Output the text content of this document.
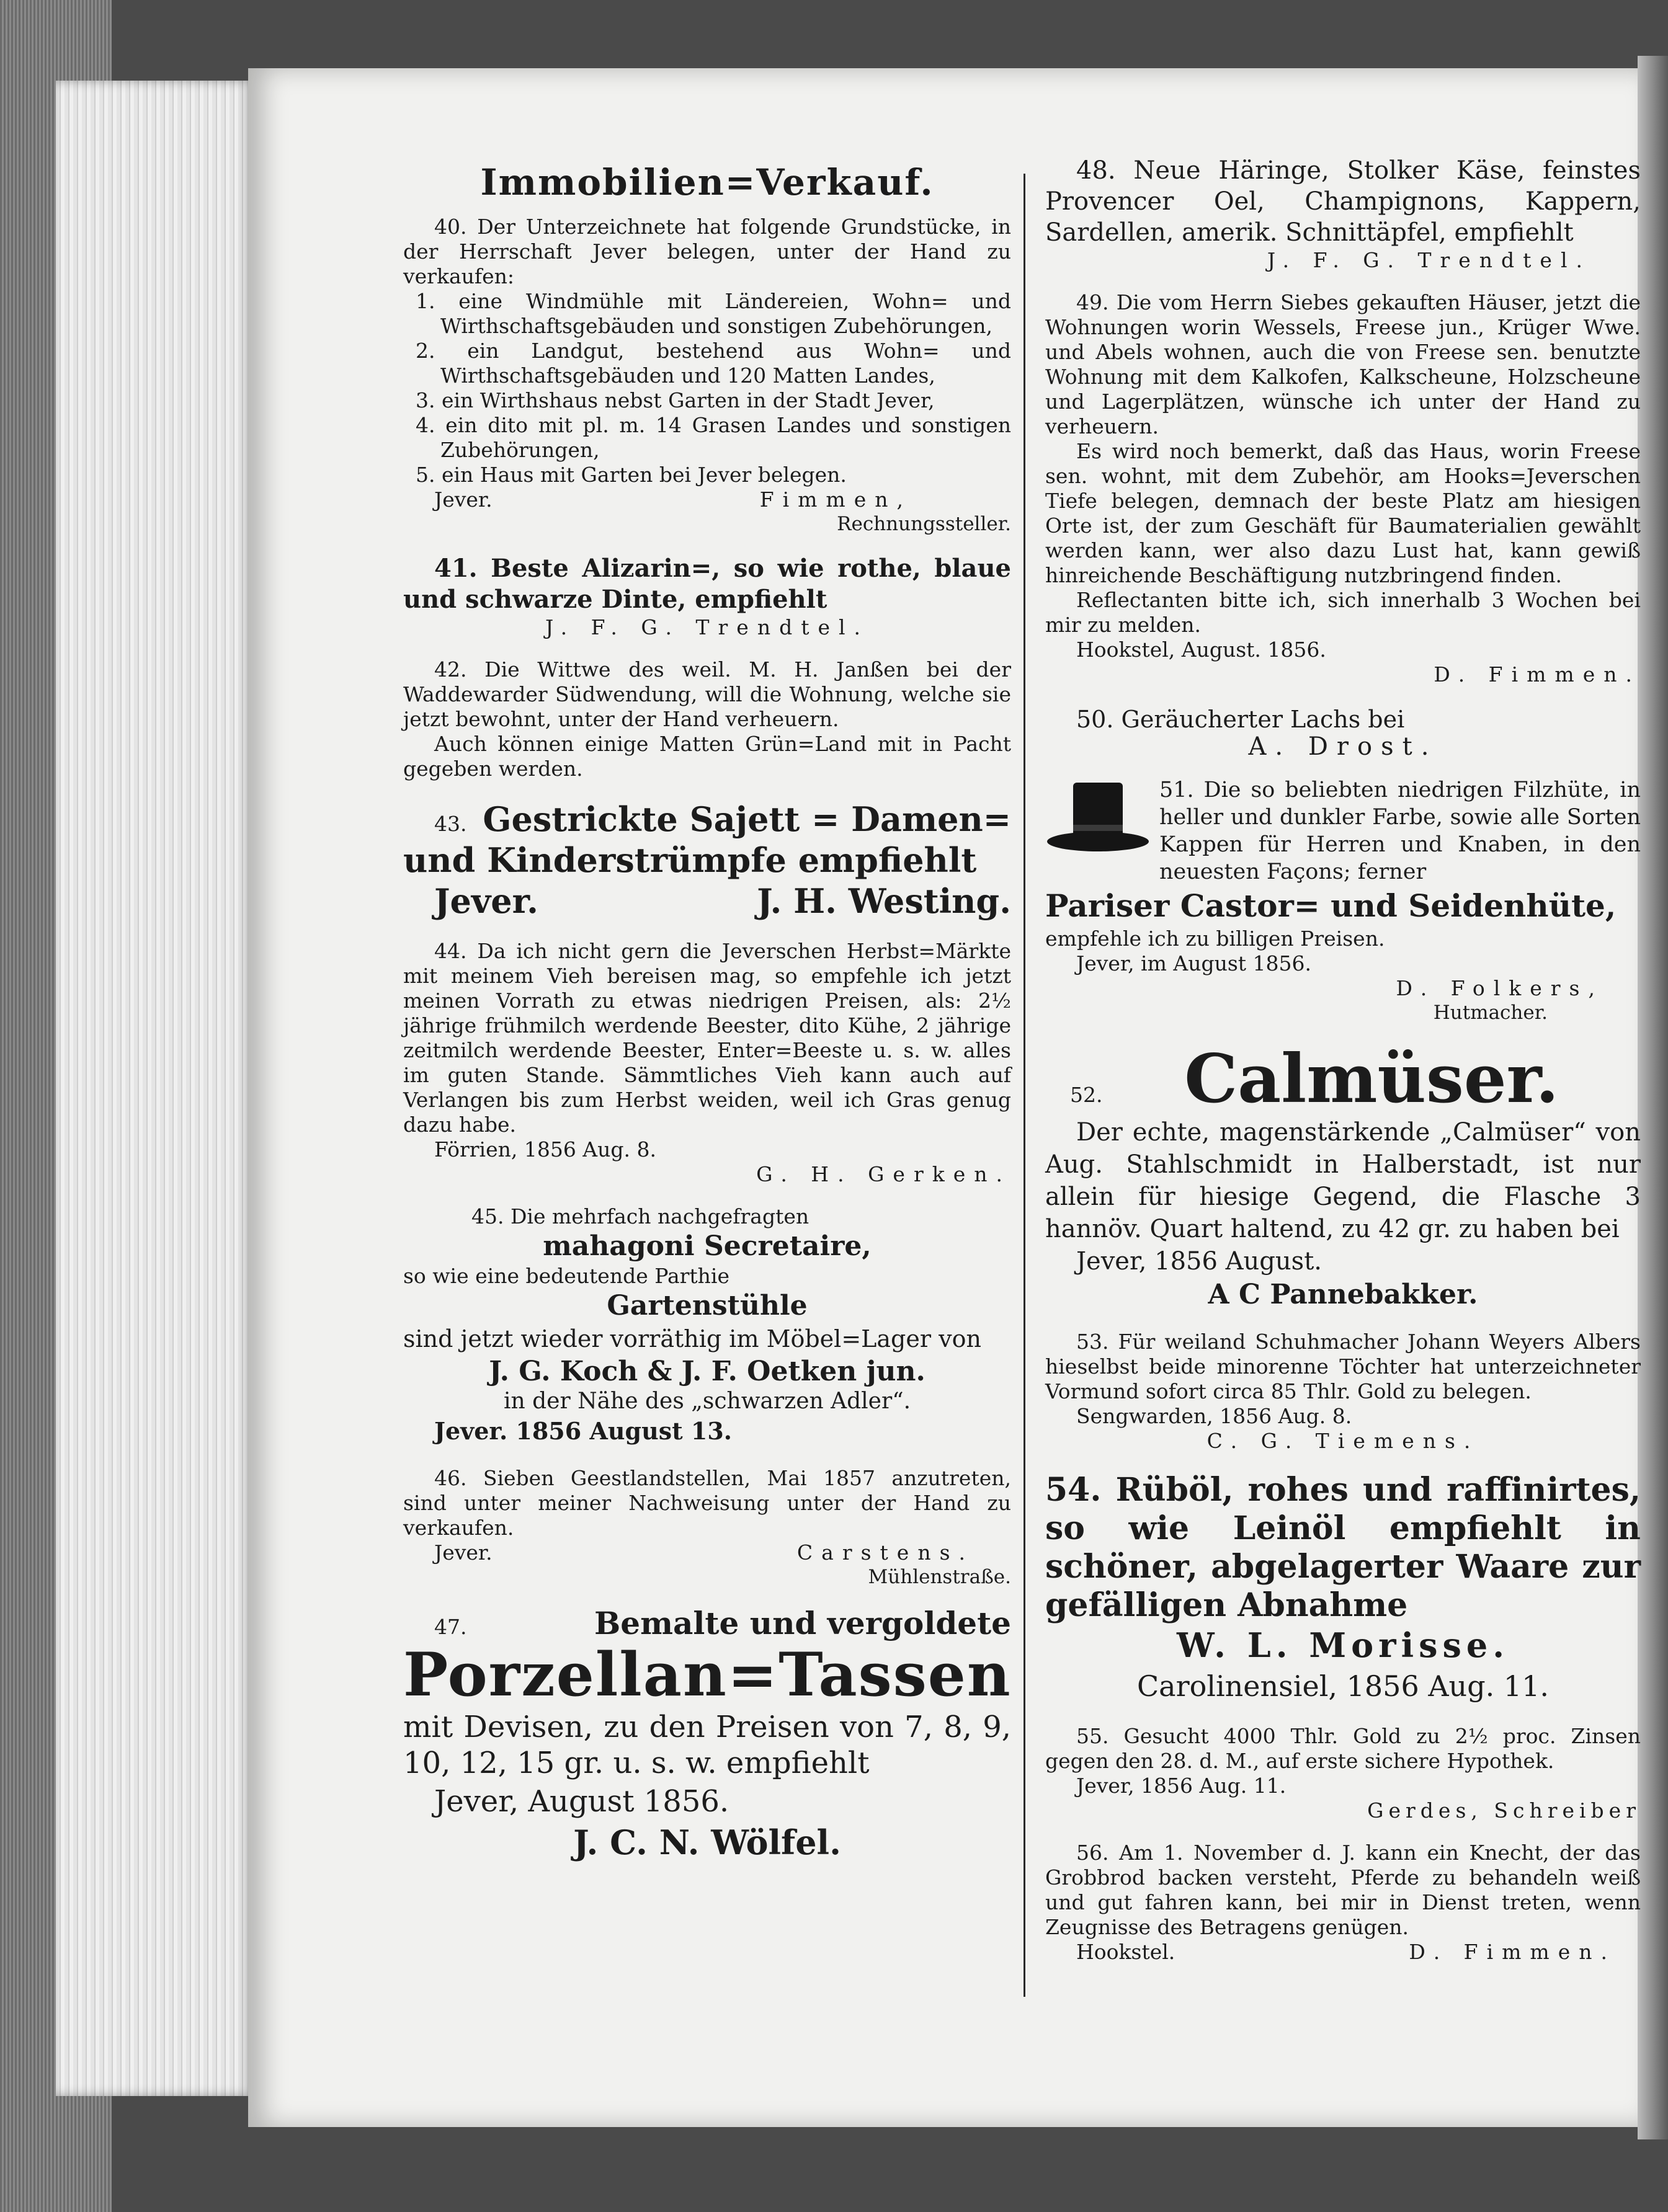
Immobilien=Verkauf.

40. Der Unterzeichnete hat folgende Grundstücke, in der Herrschaft Jever belegen, unter der Hand zu verkaufen:

1. eine Windmühle mit Ländereien, Wohn= und Wirthschaftsgebäuden und sonstigen Zubehörungen,

2. ein Landgut, bestehend aus Wohn= und Wirthschaftsgebäuden und 120 Matten Landes,

3. ein Wirthshaus nebst Garten in der Stadt Jever,

4. ein dito mit pl. m. 14 Grasen Landes und sonstigen Zubehörungen,

5. ein Haus mit Garten bei Jever belegen.

Jever.	Fimmen,

Rechnungssteller.

41. Beste Alizarin=, so wie rothe, blaue und schwarze Dinte, empfiehlt

J. F. G. Trendtel.

42. Die Wittwe des weil. M. H. Janßen bei der Waddewarder Südwendung, will die Wohnung, welche sie jetzt bewohnt, unter der Hand verheuern.

Auch können einige Matten Grün=Land mit in Pacht gegeben werden.

43. Gestrickte Sajett = Damen=

und Kinderstrümpfe empfiehlt

Jever.	J. H. Westing.

44. Da ich nicht gern die Jeverschen Herbst=Märkte mit meinem Vieh bereisen mag, so empfehle ich jetzt meinen Vorrath zu etwas niedrigen Preisen, als: 2½ jährige frühmilch werdende Beester, dito Kühe, 2 jährige zeitmilch werdende Beester, Enter=Beeste u. s. w. alles im guten Stande. Sämmtliches Vieh kann auch auf Verlangen bis zum Herbst weiden, weil ich Gras genug dazu habe.

Förrien, 1856 Aug. 8.

G. H. Gerken.

45. Die mehrfach nachgefragten

mahagoni Secretaire,

so wie eine bedeutende Parthie

Gartenstühle

sind jetzt wieder vorräthig im Möbel=Lager von

J. G. Koch & J. F. Oetken jun.

in der Nähe des „schwarzen Adler“.

Jever. 1856 August 13.

46. Sieben Geestlandstellen, Mai 1857 anzutreten, sind unter meiner Nachweisung unter der Hand zu verkaufen.

Jever.	Carstens.

Mühlenstraße.

47.	Bemalte und vergoldete

Porzellan=Tassen

mit Devisen, zu den Preisen von 7, 8, 9, 10, 12, 15 gr. u. s. w. empfiehlt

Jever, August 1856.

J. C. N. Wölfel.

48. Neue Häringe, Stolker Käse, feinstes Provencer Oel, Champignons, Kappern, Sardellen, amerik. Schnittäpfel, empfiehlt

J. F. G. Trendtel.

49. Die vom Herrn Siebes gekauften Häuser, jetzt die Wohnungen worin Wessels, Freese jun., Krüger Wwe. und Abels wohnen, auch die von Freese sen. benutzte Wohnung mit dem Kalkofen, Kalkscheune, Holzscheune und Lagerplätzen, wünsche ich unter der Hand zu verheuern.

Es wird noch bemerkt, daß das Haus, worin Freese sen. wohnt, mit dem Zubehör, am Hooks=Jeverschen Tiefe belegen, demnach der beste Platz am hiesigen Orte ist, der zum Geschäft für Baumaterialien gewählt werden kann, wer also dazu Lust hat, kann gewiß hinreichende Beschäftigung nutzbringend finden.

Reflectanten bitte ich, sich innerhalb 3 Wochen bei mir zu melden.

Hookstel, August. 1856.

D. Fimmen.

50. Geräucherter Lachs bei

A. Drost.

51. Die so beliebten niedrigen Filzhüte, in heller und dunkler Farbe, sowie alle Sorten Kappen für Herren und Knaben, in den neuesten Façons; ferner

Pariser Castor= und Seidenhüte,

empfehle ich zu billigen Preisen.

Jever, im August 1856.

D. Folkers,

Hutmacher.

52.	Calmüser.

Der echte, magenstärkende „Calmüser“ von Aug. Stahlschmidt in Halberstadt, ist nur allein für hiesige Gegend, die Flasche 3 hannöv. Quart haltend, zu 42 gr. zu haben bei

Jever, 1856 August.

A C Pannebakker.

53. Für weiland Schuhmacher Johann Weyers Albers hieselbst beide minorenne Töchter hat unterzeichneter Vormund sofort circa 85 Thlr. Gold zu belegen.

Sengwarden, 1856 Aug. 8.

C. G. Tiemens.

54. Rüböl, rohes und raffinirtes, so wie Leinöl empfiehlt in schöner, abgelagerter Waare zur gefälligen Abnahme

W. L. Morisse.

Carolinensiel, 1856 Aug. 11.

55. Gesucht 4000 Thlr. Gold zu 2½ proc. Zinsen gegen den 28. d. M., auf erste sichere Hypothek.

Jever, 1856 Aug. 11.

Gerdes, Schreiber

56. Am 1. November d. J. kann ein Knecht, der das Grobbrod backen versteht, Pferde zu behandeln weiß und gut fahren kann, bei mir in Dienst treten, wenn Zeugnisse des Betragens genügen.

Hookstel.	D. Fimmen.
